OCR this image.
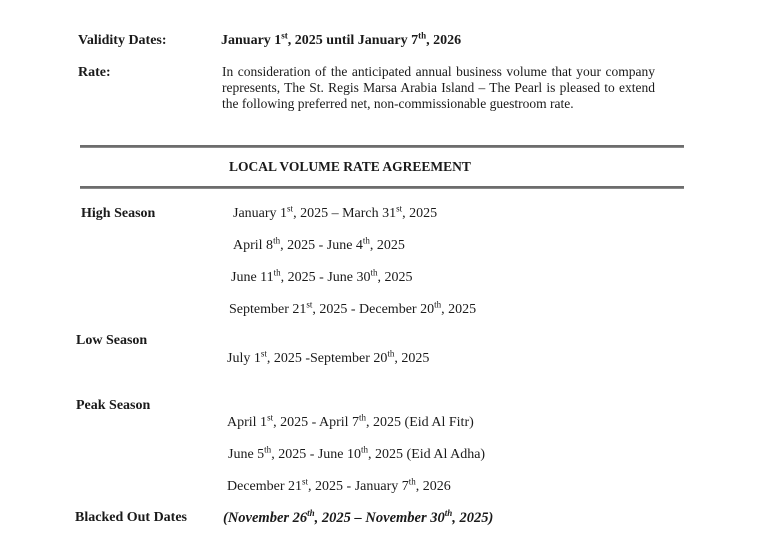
Validity Dates:	January 1st, 2025 until January 7th, 2026
Rate:	In consideration of the anticipated annual business volume that your company represents, The St. Regis Marsa Arabia Island – The Pearl is pleased to extend the following preferred net, non-commissionable guestroom rate.
LOCAL VOLUME RATE AGREEMENT
High Season	January 1st, 2025 – March 31st, 2025
April 8th, 2025 - June 4th, 2025
June 11th, 2025 - June 30th, 2025
September 21st, 2025 - December 20th, 2025
Low Season
July 1st, 2025 -September 20th, 2025
Peak Season
April 1st, 2025 - April 7th, 2025 (Eid Al Fitr)
June 5th, 2025 - June 10th, 2025 (Eid Al Adha)
December 21st, 2025 - January 7th, 2026
Blacked Out Dates (November 26th, 2025 – November 30th, 2025)
